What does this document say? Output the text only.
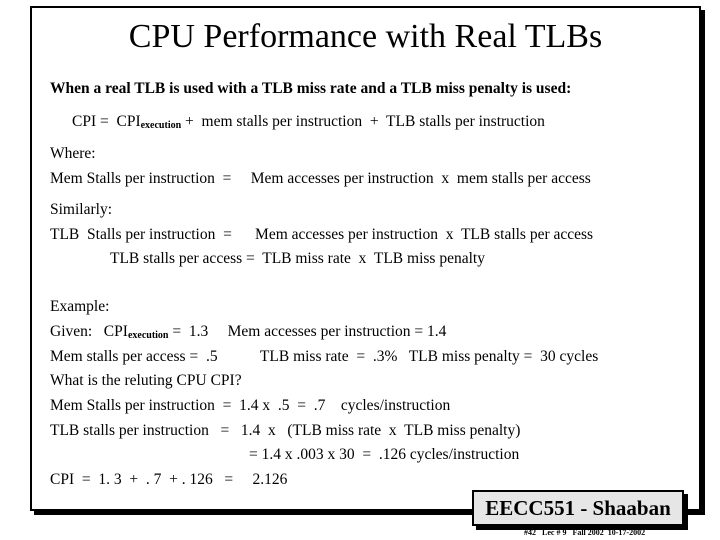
CPU Performance with Real TLBs
When a real TLB is used with a TLB miss rate and a TLB miss penalty is used:
CPI =  $CPI_{execution}$ +  mem stalls per instruction  +  TLB stalls per instruction
Where:
Mem Stalls per instruction  =     Mem accesses per instruction  x  mem stalls per access
Similarly:
TLB  Stalls per instruction  =      Mem accesses per instruction  x  TLB stalls per access
TLB stalls per access =  TLB miss rate  x  TLB miss penalty
Example:
Given:   $CPI_{execution} = 1.3$     Mem accesses per instruction = 1.4
Mem stalls per access =  .5           TLB miss rate  =  .3%   TLB miss penalty =  30 cycles
What is the reluting CPU CPI?
Mem Stalls per instruction  =  1.4 x  .5  =  .7    cycles/instruction
TLB stalls per instruction   =   1.4  x   (TLB miss rate  x  TLB miss penalty)
= 1.4 x .003 x 30  =  .126 cycles/instruction
CPI  =  1. 3  +  . 7  + . 126   =     2.126
EECC551 - Shaaban
#42   Lec # 9   Fall 2002  10-17-2002
